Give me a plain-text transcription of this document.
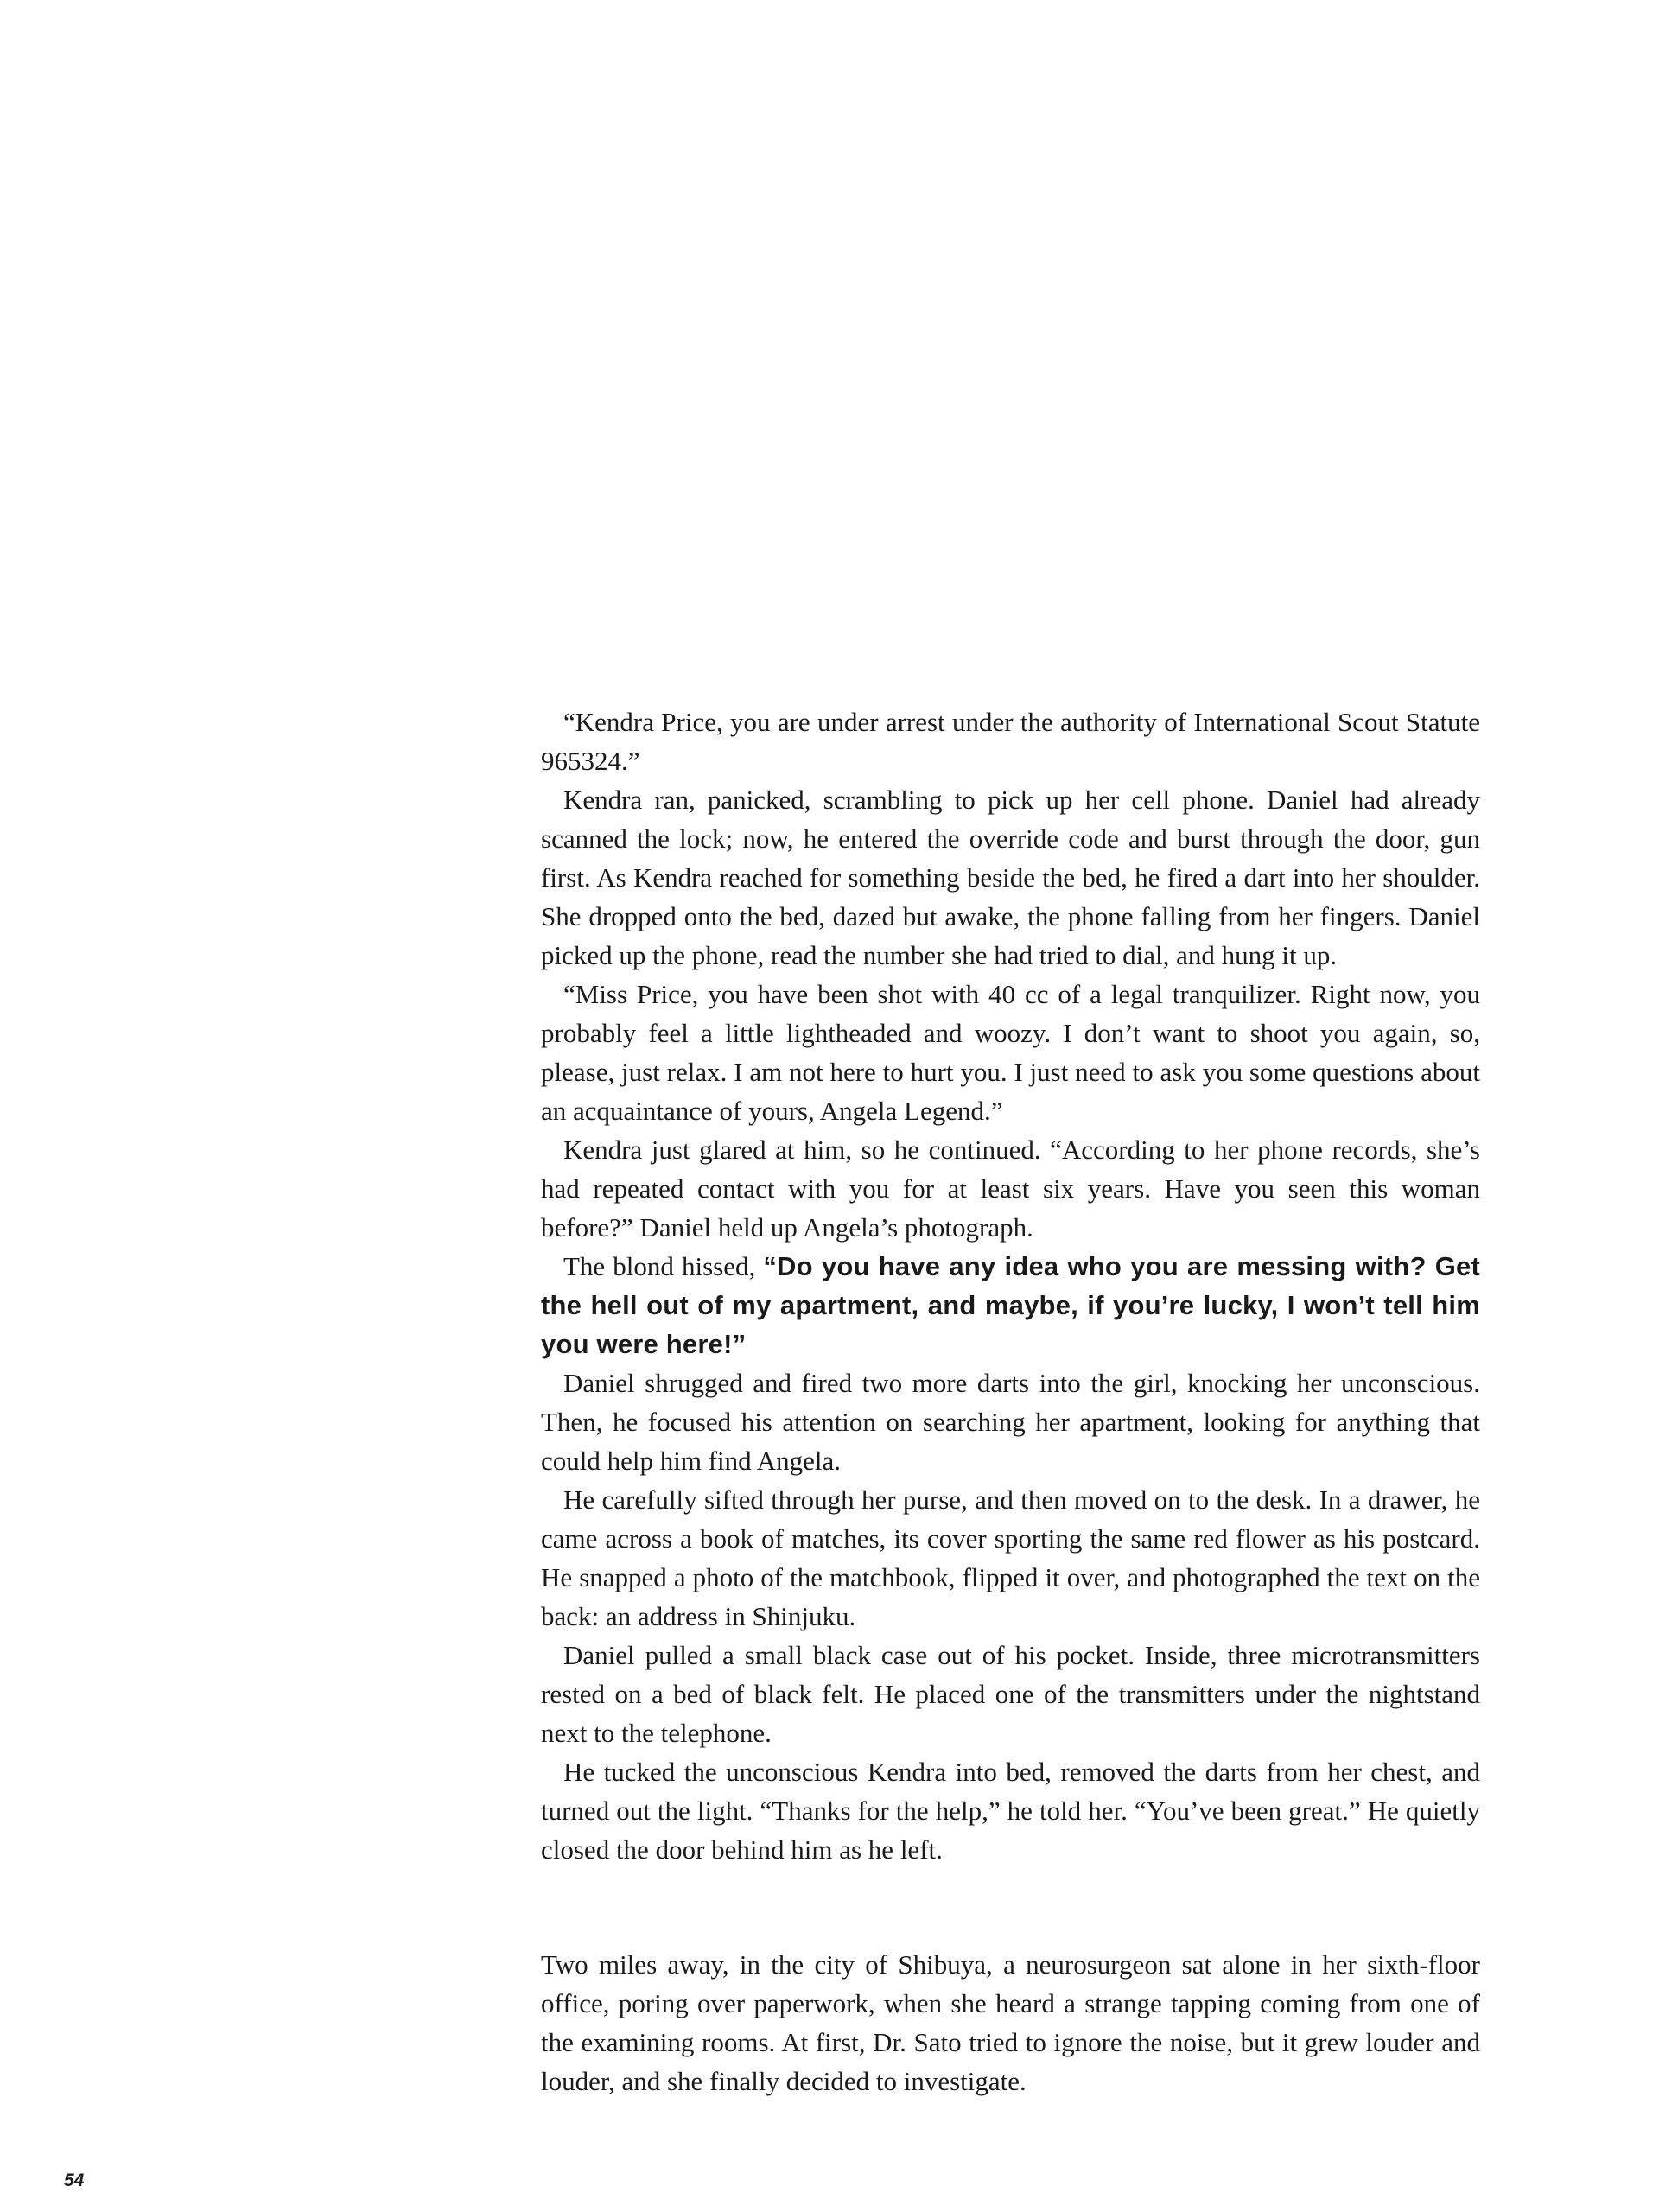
“Kendra Price, you are under arrest under the authority of International Scout Statute 965324.”

Kendra ran, panicked, scrambling to pick up her cell phone. Daniel had already scanned the lock; now, he entered the override code and burst through the door, gun first. As Kendra reached for something beside the bed, he fired a dart into her shoulder. She dropped onto the bed, dazed but awake, the phone falling from her fingers. Daniel picked up the phone, read the number she had tried to dial, and hung it up.

“Miss Price, you have been shot with 40 cc of a legal tranquilizer. Right now, you probably feel a little lightheaded and woozy. I don’t want to shoot you again, so, please, just relax. I am not here to hurt you. I just need to ask you some questions about an acquaintance of yours, Angela Legend.”

Kendra just glared at him, so he continued. “According to her phone records, she’s had repeated contact with you for at least six years. Have you seen this woman before?” Daniel held up Angela’s photograph.

The blond hissed, “Do you have any idea who you are messing with? Get the hell out of my apartment, and maybe, if you’re lucky, I won’t tell him you were here!”

Daniel shrugged and fired two more darts into the girl, knocking her unconscious. Then, he focused his attention on searching her apartment, looking for anything that could help him find Angela.

He carefully sifted through her purse, and then moved on to the desk. In a drawer, he came across a book of matches, its cover sporting the same red flower as his postcard. He snapped a photo of the matchbook, flipped it over, and photographed the text on the back: an address in Shinjuku.

Daniel pulled a small black case out of his pocket. Inside, three microtransmitters rested on a bed of black felt. He placed one of the transmitters under the nightstand next to the telephone.

He tucked the unconscious Kendra into bed, removed the darts from her chest, and turned out the light. “Thanks for the help,” he told her. “You’ve been great.” He quietly closed the door behind him as he left.

Two miles away, in the city of Shibuya, a neurosurgeon sat alone in her sixth-floor office, poring over paperwork, when she heard a strange tapping coming from one of the examining rooms. At first, Dr. Sato tried to ignore the noise, but it grew louder and louder, and she finally decided to investigate.

54
